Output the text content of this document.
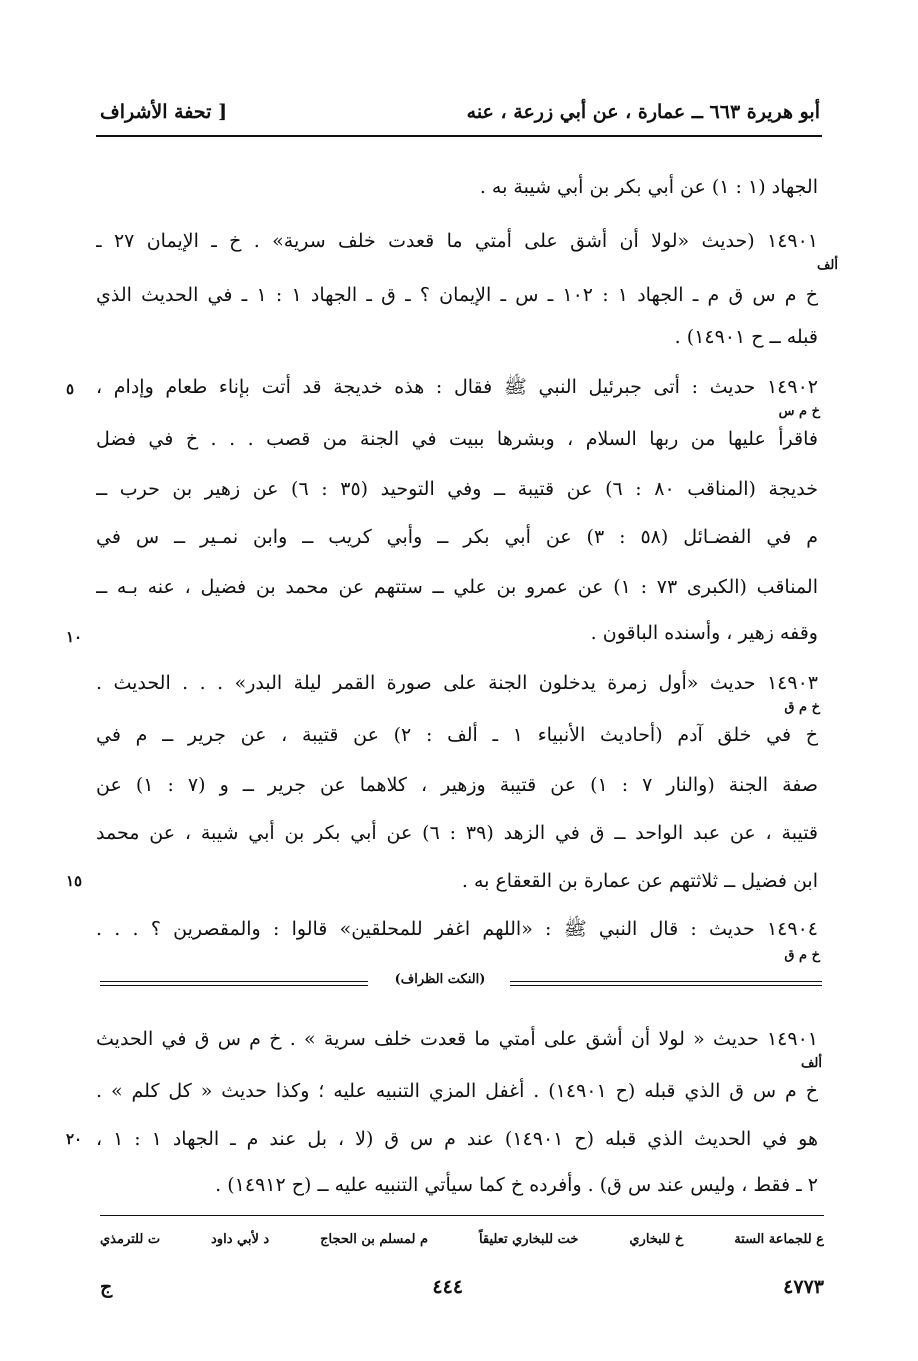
[ تحفة الأشراف	أبو هريرة ٦٦٣ ــ عمارة ، عن أبي زرعة ، عنه
الجهاد (١ : ١) عن أبي بكر بن أبي شيبة به .
١٤٩٠١ (حديث «لولا أن أشق على أمتي ما قعدت خلف سرية» . خ ـ الإيمان ٢٧ ـ
خ م س ق م ـ الجهاد ١ : ١٠٢ ـ س ـ الإيمان ؟ ـ ق ـ الجهاد ١ : ١ ـ في الحديث الذي
قبله ــ ح ١٤٩٠١) .
١٤٩٠٢ حديث : أتى جبرئيل النبي ﷺ فقال : هذه خديجة قد أتت بإناء طعام وإدام ،
فاقرأ عليها من ربها السلام ، وبشرها ببيت في الجنة من قصب . . . خ في فضل
خديجة (المناقب ٨٠ : ٦) عن قتيبة ــ وفي التوحيد (٣٥ : ٦) عن زهير بن حرب ــ
م في الفضـائل (٥٨ : ٣) عن أبي بكر ــ وأبي كريب ــ وابن نمـير ــ س في
المناقب (الكبرى ٧٣ : ١) عن عمرو بن علي ــ ستتهم عن محمد بن فضيل ، عنه بـه ــ
وقفه زهير ، وأسنده الباقون .
١٤٩٠٣ حديث «أول زمرة يدخلون الجنة على صورة القمر ليلة البدر» . . . الحديث .
خ في خلق آدم (أحاديث الأنبياء ١ ـ ألف : ٢) عن قتيبة ، عن جرير ــ م في
صفة الجنة (والنار ٧ : ١) عن قتيبة وزهير ، كلاهما عن جرير ــ و (٧ : ١) عن
قتيبة ، عن عبد الواحد ــ ق في الزهد (٣٩ : ٦) عن أبي بكر بن أبي شيبة ، عن محمد
ابن فضيل ــ ثلاثتهم عن عمارة بن القعقاع به .
١٤٩٠٤ حديث : قال النبي ﷺ : «اللهم اغفر للمحلقين» قالوا : والمقصرين ؟ . . .
ألف
خ م س
خ م ق
خ م ق
ألف
٥
١٠
١٥
٢٠
(النكت الظراف)
١٤٩٠١ حديث « لولا أن أشق على أمتي ما قعدت خلف سرية » . خ م س ق في الحديث
خ م س ق الذي قبله (ح ١٤٩٠١) . أغفل المزي التنبيه عليه ؛ وكذا حديث « كل كلم » .
هو في الحديث الذي قبله (ح ١٤٩٠١) عند م س ق (لا ، بل عند م ـ الجهاد ١ : ١ ،
٢ ـ فقط ، وليس عند س ق) . وأفرده خ كما سيأتي التنبيه عليه ــ (ح ١٤٩١٢) .
ت للترمذي	د لأبي داود	م لمسلم بن الحجاج	خت للبخاري تعليقاً	خ للبخاري	ع للجماعة الستة
ج	٤٤٤	٤٧٧٣
